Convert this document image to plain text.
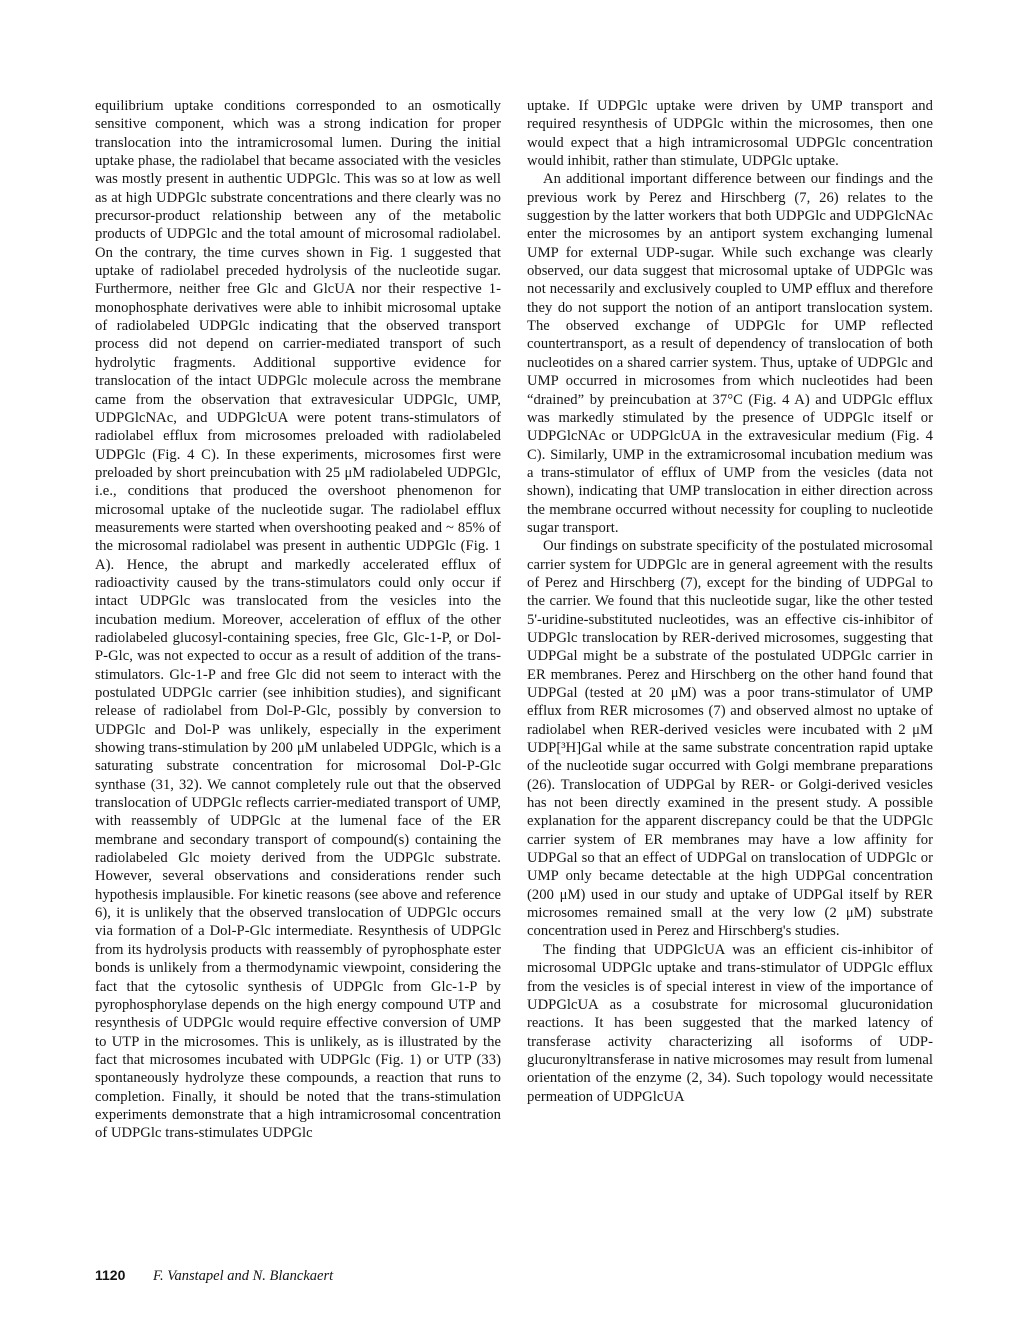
equilibrium uptake conditions corresponded to an osmotically sensitive component, which was a strong indication for proper translocation into the intramicrosomal lumen. During the initial uptake phase, the radiolabel that became associated with the vesicles was mostly present in authentic UDPGlc. This was so at low as well as at high UDPGlc substrate concentrations and there clearly was no precursor-product relationship between any of the metabolic products of UDPGlc and the total amount of microsomal radiolabel. On the contrary, the time curves shown in Fig. 1 suggested that uptake of radiolabel preceded hydrolysis of the nucleotide sugar. Furthermore, neither free Glc and GlcUA nor their respective 1-monophosphate derivatives were able to inhibit microsomal uptake of radiolabeled UDPGlc indicating that the observed transport process did not depend on carrier-mediated transport of such hydrolytic fragments. Additional supportive evidence for translocation of the intact UDPGlc molecule across the membrane came from the observation that extravesicular UDPGlc, UMP, UDPGlcNAc, and UDPGlcUA were potent trans-stimulators of radiolabel efflux from microsomes preloaded with radiolabeled UDPGlc (Fig. 4 C). In these experiments, microsomes first were preloaded by short preincubation with 25 μM radiolabeled UDPGlc, i.e., conditions that produced the overshoot phenomenon for microsomal uptake of the nucleotide sugar. The radiolabel efflux measurements were started when overshooting peaked and ~ 85% of the microsomal radiolabel was present in authentic UDPGlc (Fig. 1 A). Hence, the abrupt and markedly accelerated efflux of radioactivity caused by the trans-stimulators could only occur if intact UDPGlc was translocated from the vesicles into the incubation medium. Moreover, acceleration of efflux of the other radiolabeled glucosyl-containing species, free Glc, Glc-1-P, or Dol-P-Glc, was not expected to occur as a result of addition of the trans-stimulators. Glc-1-P and free Glc did not seem to interact with the postulated UDPGlc carrier (see inhibition studies), and significant release of radiolabel from Dol-P-Glc, possibly by conversion to UDPGlc and Dol-P was unlikely, especially in the experiment showing trans-stimulation by 200 μM unlabeled UDPGlc, which is a saturating substrate concentration for microsomal Dol-P-Glc synthase (31, 32). We cannot completely rule out that the observed translocation of UDPGlc reflects carrier-mediated transport of UMP, with reassembly of UDPGlc at the lumenal face of the ER membrane and secondary transport of compound(s) containing the radiolabeled Glc moiety derived from the UDPGlc substrate. However, several observations and considerations render such hypothesis implausible. For kinetic reasons (see above and reference 6), it is unlikely that the observed translocation of UDPGlc occurs via formation of a Dol-P-Glc intermediate. Resynthesis of UDPGlc from its hydrolysis products with reassembly of pyrophosphate ester bonds is unlikely from a thermodynamic viewpoint, considering the fact that the cytosolic synthesis of UDPGlc from Glc-1-P by pyrophosphorylase depends on the high energy compound UTP and resynthesis of UDPGlc would require effective conversion of UMP to UTP in the microsomes. This is unlikely, as is illustrated by the fact that microsomes incubated with UDPGlc (Fig. 1) or UTP (33) spontaneously hydrolyze these compounds, a reaction that runs to completion. Finally, it should be noted that the trans-stimulation experiments demonstrate that a high intramicrosomal concentration of UDPGlc trans-stimulates UDPGlc

uptake. If UDPGlc uptake were driven by UMP transport and required resynthesis of UDPGlc within the microsomes, then one would expect that a high intramicrosomal UDPGlc concentration would inhibit, rather than stimulate, UDPGlc uptake.

An additional important difference between our findings and the previous work by Perez and Hirschberg (7, 26) relates to the suggestion by the latter workers that both UDPGlc and UDPGlcNAc enter the microsomes by an antiport system exchanging lumenal UMP for external UDP-sugar. While such exchange was clearly observed, our data suggest that microsomal uptake of UDPGlc was not necessarily and exclusively coupled to UMP efflux and therefore they do not support the notion of an antiport translocation system. The observed exchange of UDPGlc for UMP reflected countertransport, as a result of dependency of translocation of both nucleotides on a shared carrier system. Thus, uptake of UDPGlc and UMP occurred in microsomes from which nucleotides had been “drained” by preincubation at 37°C (Fig. 4 A) and UDPGlc efflux was markedly stimulated by the presence of UDPGlc itself or UDPGlcNAc or UDPGlcUA in the extravesicular medium (Fig. 4 C). Similarly, UMP in the extramicrosomal incubation medium was a trans-stimulator of efflux of UMP from the vesicles (data not shown), indicating that UMP translocation in either direction across the membrane occurred without necessity for coupling to nucleotide sugar transport.

Our findings on substrate specificity of the postulated microsomal carrier system for UDPGlc are in general agreement with the results of Perez and Hirschberg (7), except for the binding of UDPGal to the carrier. We found that this nucleotide sugar, like the other tested 5'-uridine-substituted nucleotides, was an effective cis-inhibitor of UDPGlc translocation by RER-derived microsomes, suggesting that UDPGal might be a substrate of the postulated UDPGlc carrier in ER membranes. Perez and Hirschberg on the other hand found that UDPGal (tested at 20 μM) was a poor trans-stimulator of UMP efflux from RER microsomes (7) and observed almost no uptake of radiolabel when RER-derived vesicles were incubated with 2 μM UDP[³H]Gal while at the same substrate concentration rapid uptake of the nucleotide sugar occurred with Golgi membrane preparations (26). Translocation of UDPGal by RER- or Golgi-derived vesicles has not been directly examined in the present study. A possible explanation for the apparent discrepancy could be that the UDPGlc carrier system of ER membranes may have a low affinity for UDPGal so that an effect of UDPGal on translocation of UDPGlc or UMP only became detectable at the high UDPGal concentration (200 μM) used in our study and uptake of UDPGal itself by RER microsomes remained small at the very low (2 μM) substrate concentration used in Perez and Hirschberg's studies.

The finding that UDPGlcUA was an efficient cis-inhibitor of microsomal UDPGlc uptake and trans-stimulator of UDPGlc efflux from the vesicles is of special interest in view of the importance of UDPGlcUA as a cosubstrate for microsomal glucuronidation reactions. It has been suggested that the marked latency of transferase activity characterizing all isoforms of UDP-glucuronyltransferase in native microsomes may result from lumenal orientation of the enzyme (2, 34). Such topology would necessitate permeation of UDPGlcUA

1120 F. Vanstapel and N. Blanckaert
